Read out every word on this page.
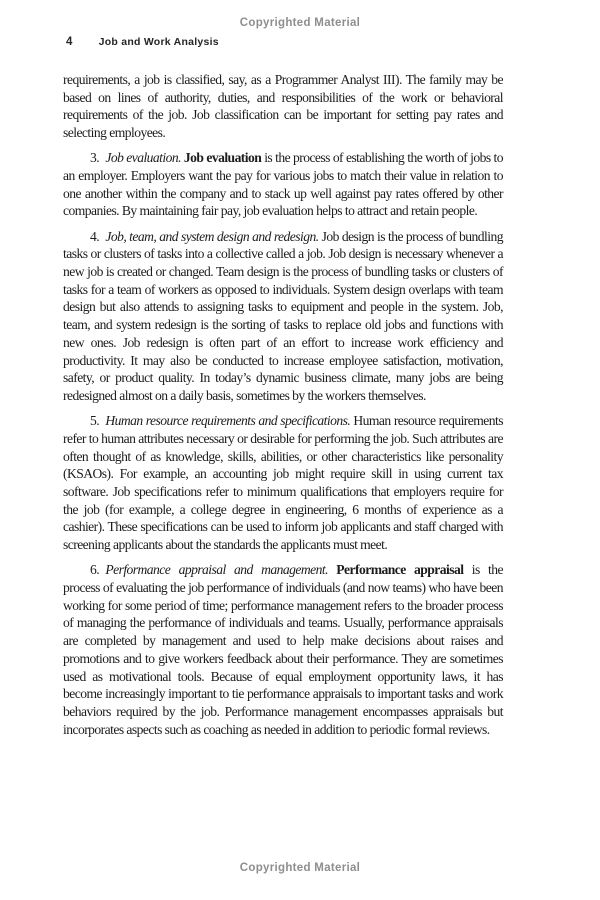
Copyrighted Material
4 Job and Work Analysis

requirements, a job is classified, say, as a Programmer Analyst III). The family may be based on lines of authority, duties, and responsibilities of the work or behavioral requirements of the job. Job classification can be important for setting pay rates and selecting employees.

3. Job evaluation. Job evaluation is the process of establishing the worth of jobs to an employer. Employers want the pay for various jobs to match their value in relation to one another within the company and to stack up well against pay rates offered by other companies. By maintaining fair pay, job evaluation helps to attract and retain people.

4. Job, team, and system design and redesign. Job design is the process of bundling tasks or clusters of tasks into a collective called a job. Job design is necessary whenever a new job is created or changed. Team design is the process of bundling tasks or clusters of tasks for a team of workers as opposed to individuals. System design overlaps with team design but also attends to assigning tasks to equipment and people in the system. Job, team, and system redesign is the sorting of tasks to replace old jobs and functions with new ones. Job redesign is often part of an effort to increase work efficiency and productivity. It may also be conducted to increase employee satisfaction, motivation, safety, or product quality. In today’s dynamic business climate, many jobs are being redesigned almost on a daily basis, sometimes by the workers themselves.

5. Human resource requirements and specifications. Human resource requirements refer to human attributes necessary or desirable for performing the job. Such attributes are often thought of as knowledge, skills, abilities, or other characteristics like personality (KSAOs). For example, an accounting job might require skill in using current tax software. Job specifications refer to minimum qualifications that employers require for the job (for example, a college degree in engineering, 6 months of experience as a cashier). These specifications can be used to inform job applicants and staff charged with screening applicants about the standards the applicants must meet.

6. Performance appraisal and management. Performance appraisal is the process of evaluating the job performance of individuals (and now teams) who have been working for some period of time; performance management refers to the broader process of managing the performance of individuals and teams. Usually, performance appraisals are completed by management and used to help make decisions about raises and promotions and to give workers feedback about their performance. They are sometimes used as motivational tools. Because of equal employment opportunity laws, it has become increasingly important to tie performance appraisals to important tasks and work behaviors required by the job. Performance management encompasses appraisals but incorporates aspects such as coaching as needed in addition to periodic formal reviews.

Copyrighted Material
